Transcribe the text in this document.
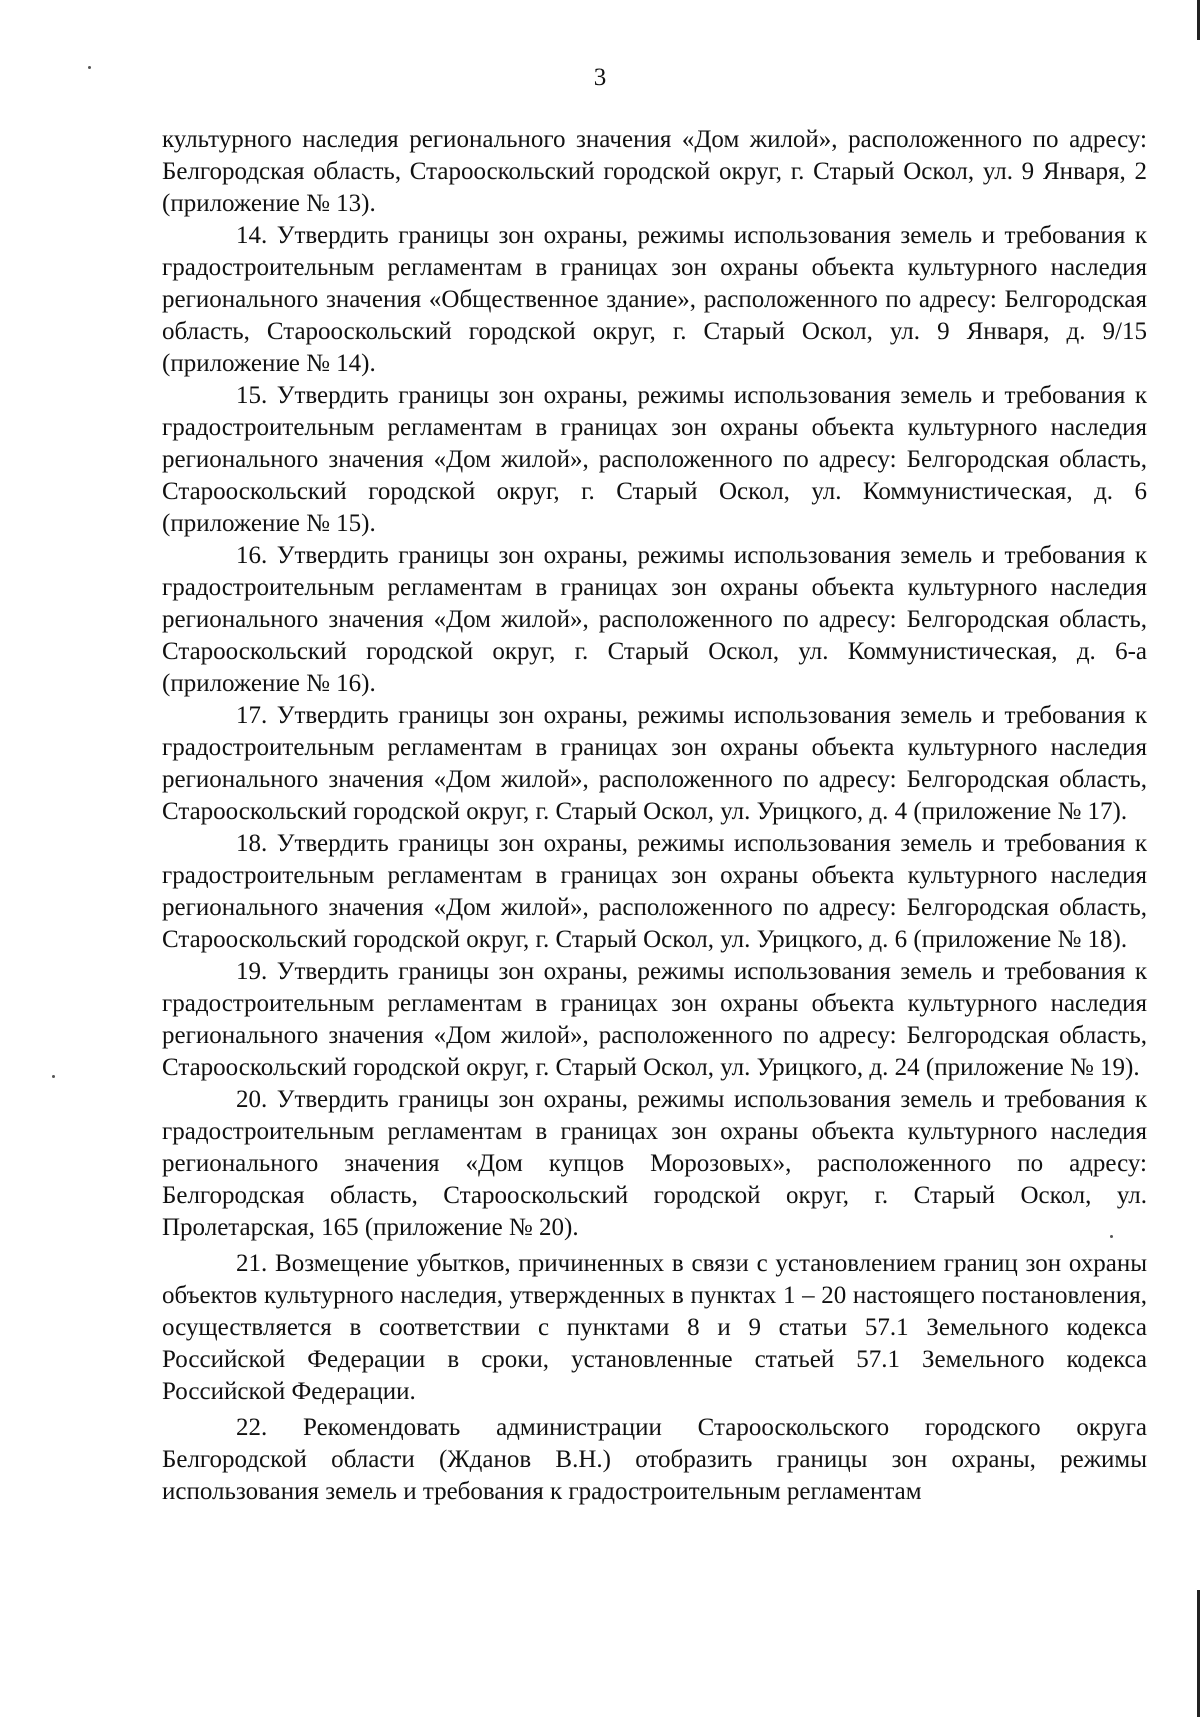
3

культурного наследия регионального значения «Дом жилой», расположенного по адресу: Белгородская область, Старооскольский городской округ, г. Старый Оскол, ул. 9 Января, 2 (приложение № 13).

14. Утвердить границы зон охраны, режимы использования земель и требования к градостроительным регламентам в границах зон охраны объекта культурного наследия регионального значения «Общественное здание», расположенного по адресу: Белгородская область, Старооскольский городской округ, г. Старый Оскол, ул. 9 Января, д. 9/15 (приложение № 14).

15. Утвердить границы зон охраны, режимы использования земель и требования к градостроительным регламентам в границах зон охраны объекта культурного наследия регионального значения «Дом жилой», расположенного по адресу: Белгородская область, Старооскольский городской округ, г. Старый Оскол, ул. Коммунистическая, д. 6 (приложение № 15).

16. Утвердить границы зон охраны, режимы использования земель и требования к градостроительным регламентам в границах зон охраны объекта культурного наследия регионального значения «Дом жилой», расположенного по адресу: Белгородская область, Старооскольский городской округ, г. Старый Оскол, ул. Коммунистическая, д. 6-а (приложение № 16).

17. Утвердить границы зон охраны, режимы использования земель и требования к градостроительным регламентам в границах зон охраны объекта культурного наследия регионального значения «Дом жилой», расположенного по адресу: Белгородская область, Старооскольский городской округ, г. Старый Оскол, ул. Урицкого, д. 4 (приложение № 17).

18. Утвердить границы зон охраны, режимы использования земель и требования к градостроительным регламентам в границах зон охраны объекта культурного наследия регионального значения «Дом жилой», расположенного по адресу: Белгородская область, Старооскольский городской округ, г. Старый Оскол, ул. Урицкого, д. 6 (приложение № 18).

19. Утвердить границы зон охраны, режимы использования земель и требования к градостроительным регламентам в границах зон охраны объекта культурного наследия регионального значения «Дом жилой», расположенного по адресу: Белгородская область, Старооскольский городской округ, г. Старый Оскол, ул. Урицкого, д. 24 (приложение № 19).

20. Утвердить границы зон охраны, режимы использования земель и требования к градостроительным регламентам в границах зон охраны объекта культурного наследия регионального значения «Дом купцов Морозовых», расположенного по адресу: Белгородская область, Старооскольский городской округ, г. Старый Оскол, ул. Пролетарская, 165 (приложение № 20).

21. Возмещение убытков, причиненных в связи с установлением границ зон охраны объектов культурного наследия, утвержденных в пунктах 1 – 20 настоящего постановления, осуществляется в соответствии с пунктами 8 и 9 статьи 57.1 Земельного кодекса Российской Федерации в сроки, установленные статьей 57.1 Земельного кодекса Российской Федерации.

22. Рекомендовать администрации Старооскольского городского округа Белгородской области (Жданов В.Н.) отобразить границы зон охраны, режимы использования земель и требования к градостроительным регламентам
